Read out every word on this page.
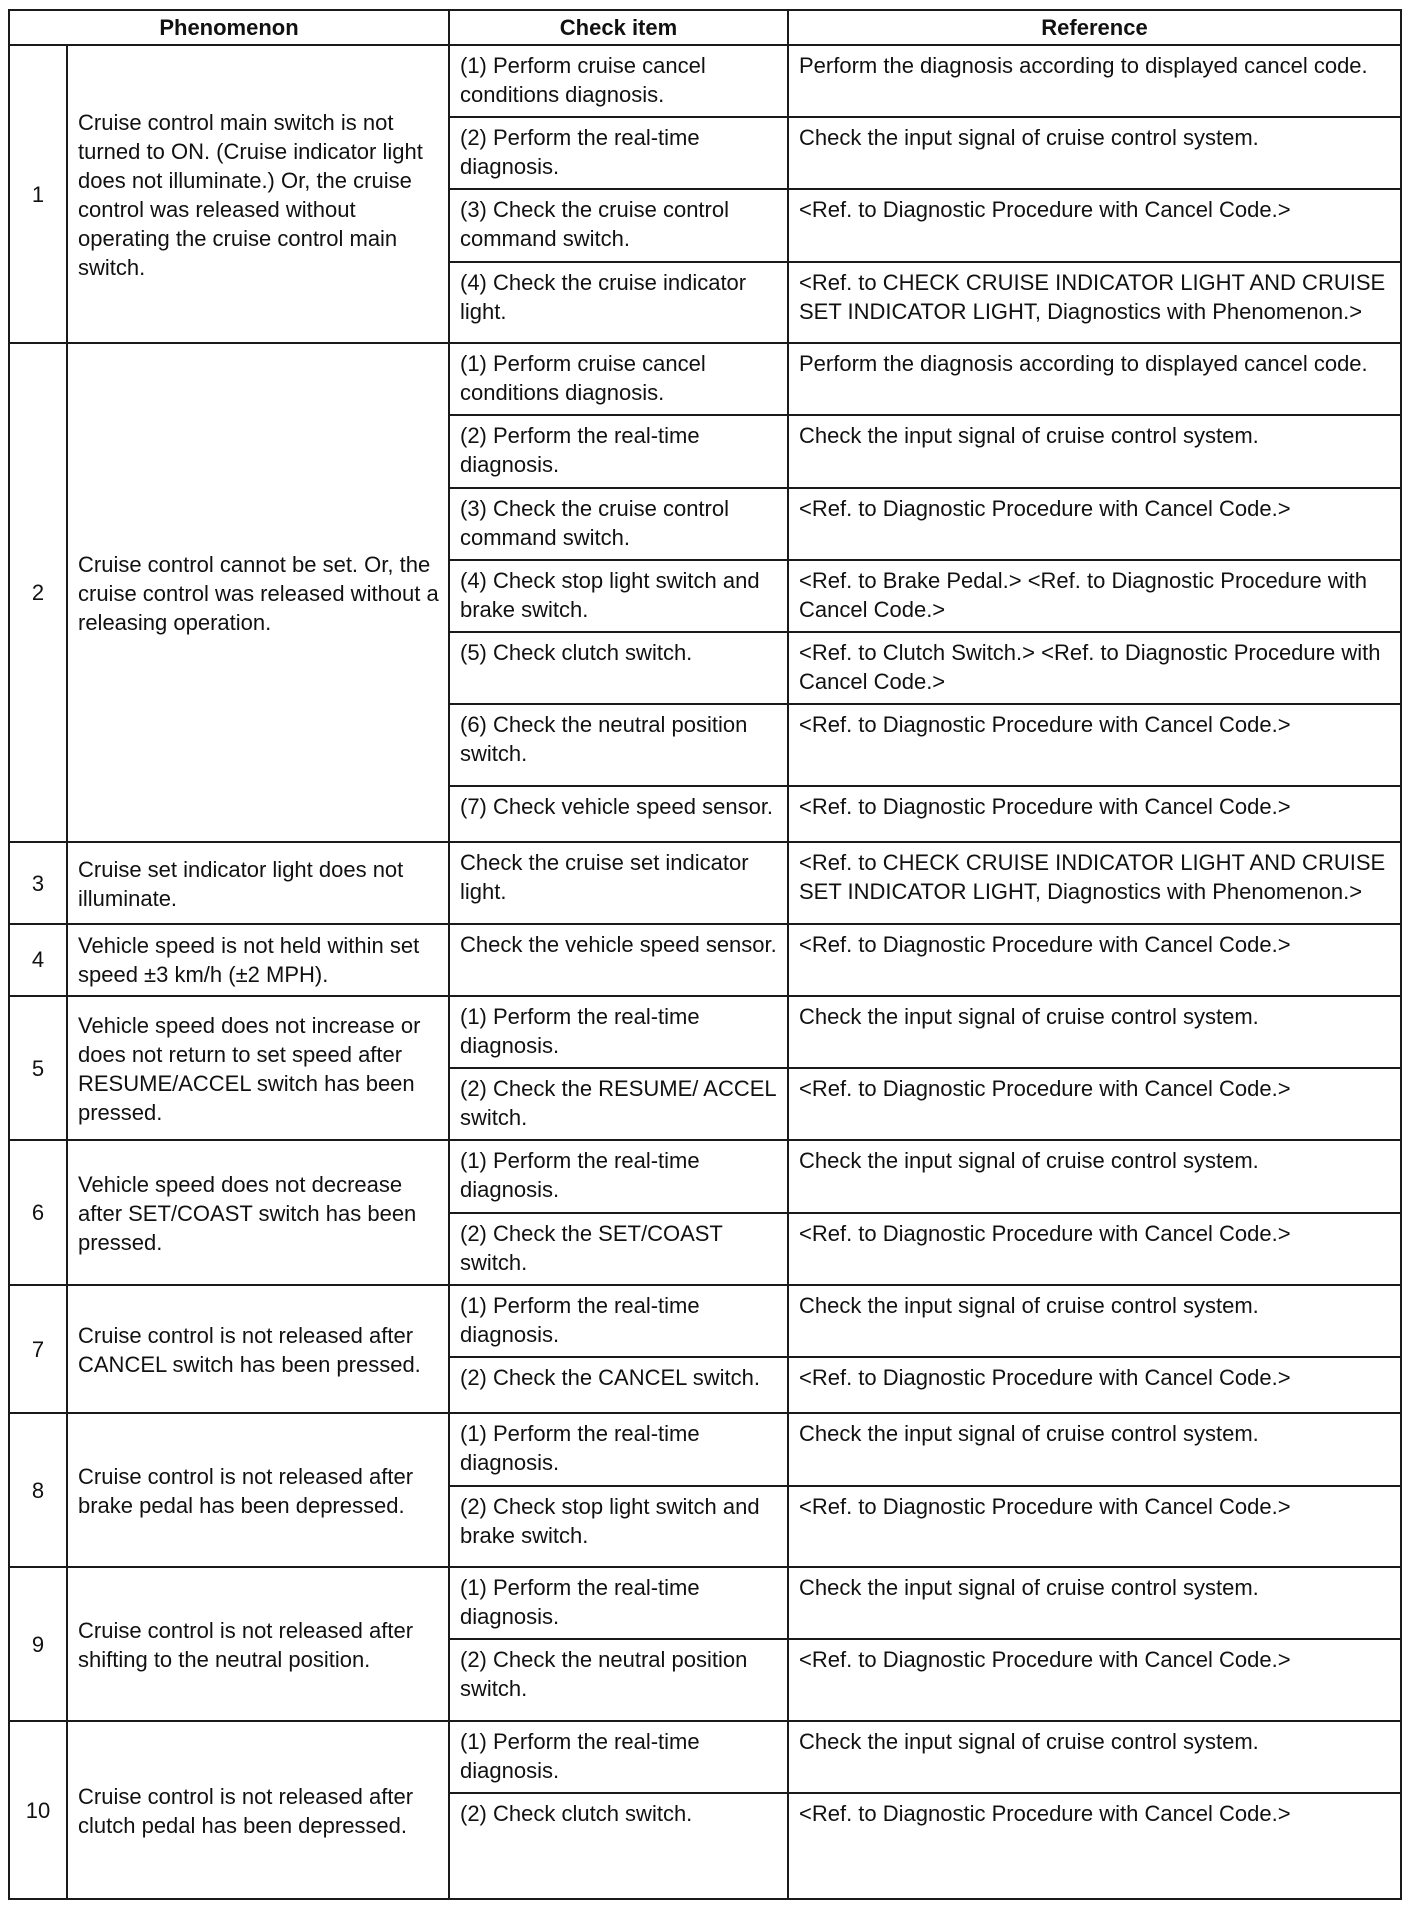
Phenomenon		Check item	Reference
1	Cruise control main switch is not turned to ON. (Cruise indicator light does not illuminate.) Or, the cruise control was released without operating the cruise control main switch.	(1) Perform cruise cancel conditions diagnosis.	Perform the diagnosis according to displayed cancel code.
		(2) Perform the real-time diagnosis.	Check the input signal of cruise control system.
		(3) Check the cruise control command switch.	<Ref. to Diagnostic Procedure with Cancel Code.>
		(4) Check the cruise indicator light.	<Ref. to CHECK CRUISE INDICATOR LIGHT AND CRUISE SET INDICATOR LIGHT, Diagnostics with Phenomenon.>
2	Cruise control cannot be set. Or, the cruise control was released without a releasing operation.	(1) Perform cruise cancel conditions diagnosis.	Perform the diagnosis according to displayed cancel code.
		(2) Perform the real-time diagnosis.	Check the input signal of cruise control system.
		(3) Check the cruise control command switch.	<Ref. to Diagnostic Procedure with Cancel Code.>
		(4) Check stop light switch and brake switch.	<Ref. to Brake Pedal.> <Ref. to Diagnostic Procedure with Cancel Code.>
		(5) Check clutch switch.	<Ref. to Clutch Switch.> <Ref. to Diagnostic Procedure with Cancel Code.>
		(6) Check the neutral position switch.	<Ref. to Diagnostic Procedure with Cancel Code.>
		(7) Check vehicle speed sensor.	<Ref. to Diagnostic Procedure with Cancel Code.>
3	Cruise set indicator light does not illuminate.	Check the cruise set indicator light.	<Ref. to CHECK CRUISE INDICATOR LIGHT AND CRUISE SET INDICATOR LIGHT, Diagnostics with Phenomenon.>
4	Vehicle speed is not held within set speed ±3 km/h (±2 MPH).	Check the vehicle speed sensor.	<Ref. to Diagnostic Procedure with Cancel Code.>
5	Vehicle speed does not increase or does not return to set speed after RESUME/ACCEL switch has been pressed.	(1) Perform the real-time diagnosis.	Check the input signal of cruise control system.
		(2) Check the RESUME/ ACCEL switch.	<Ref. to Diagnostic Procedure with Cancel Code.>
6	Vehicle speed does not decrease after SET/COAST switch has been pressed.	(1) Perform the real-time diagnosis.	Check the input signal of cruise control system.
		(2) Check the SET/COAST switch.	<Ref. to Diagnostic Procedure with Cancel Code.>
7	Cruise control is not released after CANCEL switch has been pressed.	(1) Perform the real-time diagnosis.	Check the input signal of cruise control system.
		(2) Check the CANCEL switch.	<Ref. to Diagnostic Procedure with Cancel Code.>
8	Cruise control is not released after brake pedal has been depressed.	(1) Perform the real-time diagnosis.	Check the input signal of cruise control system.
		(2) Check stop light switch and brake switch.	<Ref. to Diagnostic Procedure with Cancel Code.>
9	Cruise control is not released after shifting to the neutral position.	(1) Perform the real-time diagnosis.	Check the input signal of cruise control system.
		(2) Check the neutral position switch.	<Ref. to Diagnostic Procedure with Cancel Code.>
10	Cruise control is not released after clutch pedal has been depressed.	(1) Perform the real-time diagnosis.	Check the input signal of cruise control system.
		(2) Check clutch switch.	<Ref. to Diagnostic Procedure with Cancel Code.>
